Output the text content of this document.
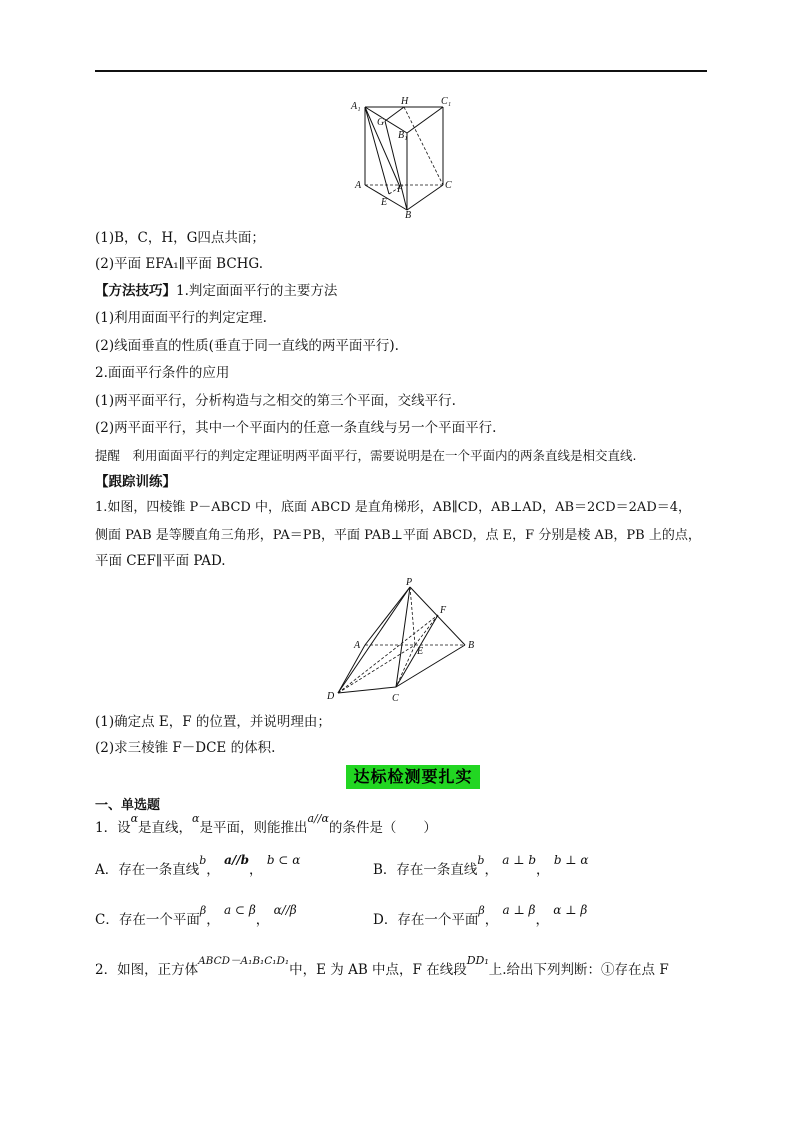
A₁	H	C₁
G
B₁
A	F	C
E
B
(1)B，C，H，G四点共面；
(2)平面 EFA₁∥平面 BCHG.
【方法技巧】1.判定面面平行的主要方法
(1)利用面面平行的判定定理.
(2)线面垂直的性质(垂直于同一直线的两平面平行).
2.面面平行条件的应用
(1)两平面平行，分析构造与之相交的第三个平面，交线平行.
(2)两平面平行，其中一个平面内的任意一条直线与另一个平面平行.
提醒　利用面面平行的判定定理证明两平面平行，需要说明是在一个平面内的两条直线是相交直线.
【跟踪训练】
1.如图，四棱锥 P－ABCD 中，底面 ABCD 是直角梯形，AB∥CD，AB⊥AD，AB＝2CD＝2AD＝4，
侧面 PAB 是等腰直角三角形，PA＝PB，平面 PAB⊥平面 ABCD，点 E，F 分别是棱 AB，PB 上的点，
平面 CEF∥平面 PAD.
P
F
A
E
B
D	C
(1)确定点 E，F 的位置，并说明理由；
(2)求三棱锥 F－DCE 的体积.
达标检测要扎实
一、单选题
1．设$^\alpha$是直线，$^\alpha$是平面，则能推出$^{a//\alpha}$的条件是（　　）
A．存在一条直线$^b$， a//b， b ⊂ α
B．存在一条直线$^b$， a ⊥ b， b ⊥ α
C．存在一个平面$^\beta$， a ⊂ β， α//β
D．存在一个平面$^\beta$， a ⊥ β， α ⊥ β
2．如图，正方体$^{ABCD-A_1B_1C_1D_1}$中，E 为 AB 中点，F 在线段$^{DD_1}$上.给出下列判断：①存在点 F
